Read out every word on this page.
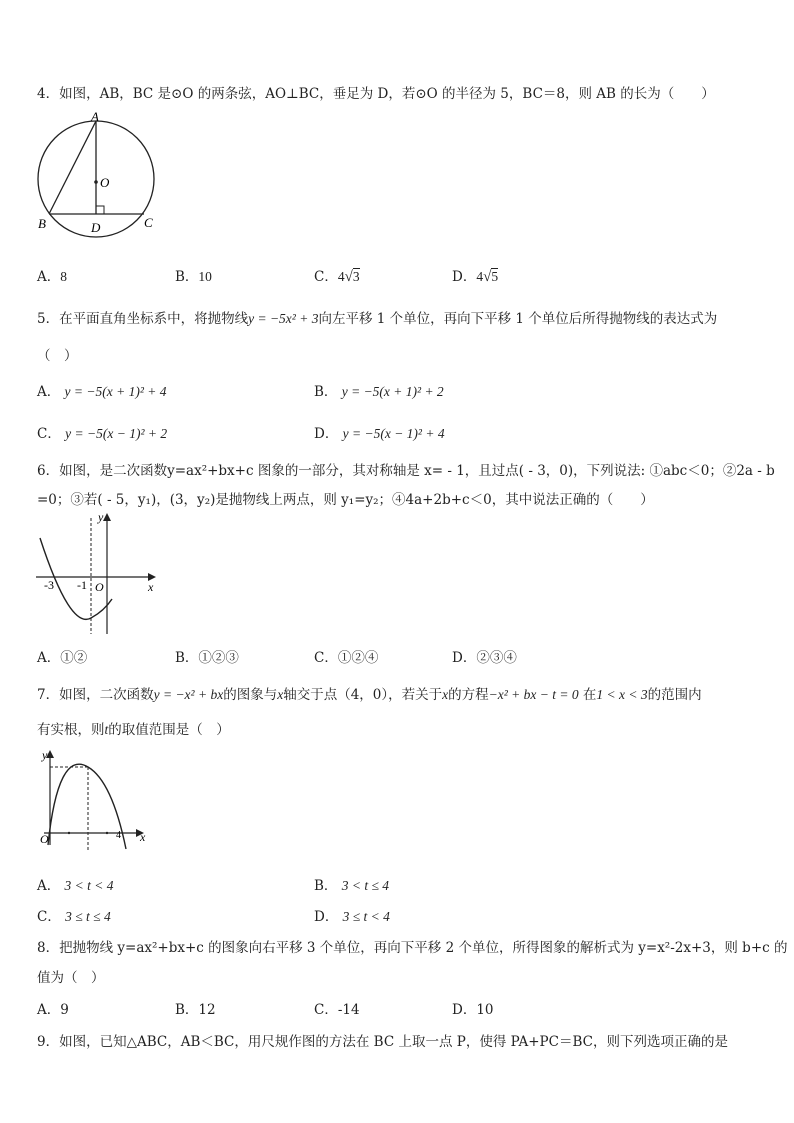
4．如图，AB，BC 是⊙O 的两条弦，AO⊥BC，垂足为 D，若⊙O 的半径为 5，BC＝8，则 AB 的长为（　　）
A
O
B	D	C
A．8	B．10	C．4√3	D．4√5
5．在平面直角坐标系中，将抛物线y = −5x² + 3向左平移 1 个单位，再向下平移 1 个单位后所得抛物线的表达式为
（　）
A． y = −5(x + 1)² + 4	B． y = −5(x + 1)² + 2
C． y = −5(x − 1)² + 2	D． y = −5(x − 1)² + 4
6．如图，是二次函数y=ax²+bx+c 图象的一部分，其对称轴是 x= - 1，且过点( - 3，0)，下列说法: ①abc＜0；②2a - b
=0；③若( - 5，y₁)，(3，y₂)是抛物线上两点，则 y₁=y₂；④4a+2b+c＜0，其中说法正确的（　　）
y
x
-3 -1 O
A．①②	B．①②③	C．①②④	D．②③④
7．如图，二次函数y = −x² + bx的图象与x轴交于点（4，0），若关于x的方程−x² + bx − t = 0 在1 < x < 3的范围内
有实根，则t的取值范围是（　）
y
x
O	4
A． 3 < t < 4	B． 3 < t ≤ 4
C． 3 ≤ t ≤ 4	D． 3 ≤ t < 4
8．把抛物线 y=ax²+bx+c 的图象向右平移 3 个单位，再向下平移 2 个单位，所得图象的解析式为 y=x²-2x+3，则 b+c 的
值为（　）
A．9	B．12	C．-14	D．10
9．如图，已知△ABC，AB＜BC，用尺规作图的方法在 BC 上取一点 P，使得 PA+PC＝BC，则下列选项正确的是
